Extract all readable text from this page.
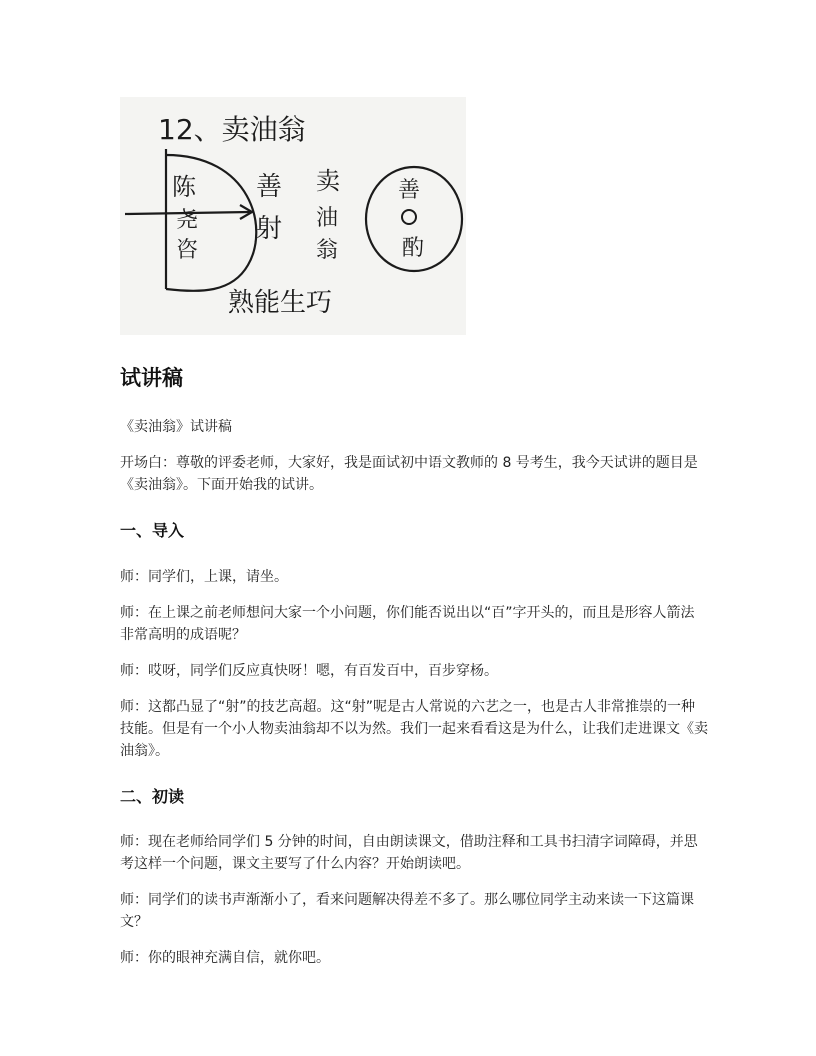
12、卖油翁
陈
尧
咨
善
射
卖
油
翁
善
酌
熟能生巧
试讲稿

《卖油翁》试讲稿

开场白：尊敬的评委老师，大家好，我是面试初中语文教师的 8 号考生，我今天试讲的题目是《卖油翁》。下面开始我的试讲。

一、导入

师：同学们，上课，请坐。

师：在上课之前老师想问大家一个小问题，你们能否说出以“百”字开头的，而且是形容人箭法非常高明的成语呢？

师：哎呀，同学们反应真快呀！嗯，有百发百中，百步穿杨。

师：这都凸显了“射”的技艺高超。这“射”呢是古人常说的六艺之一，也是古人非常推崇的一种技能。但是有一个小人物卖油翁却不以为然。我们一起来看看这是为什么，让我们走进课文《卖油翁》。

二、初读

师：现在老师给同学们 5 分钟的时间，自由朗读课文，借助注释和工具书扫清字词障碍，并思考这样一个问题，课文主要写了什么内容？开始朗读吧。

师：同学们的读书声渐渐小了，看来问题解决得差不多了。那么哪位同学主动来读一下这篇课文？

师：你的眼神充满自信，就你吧。
